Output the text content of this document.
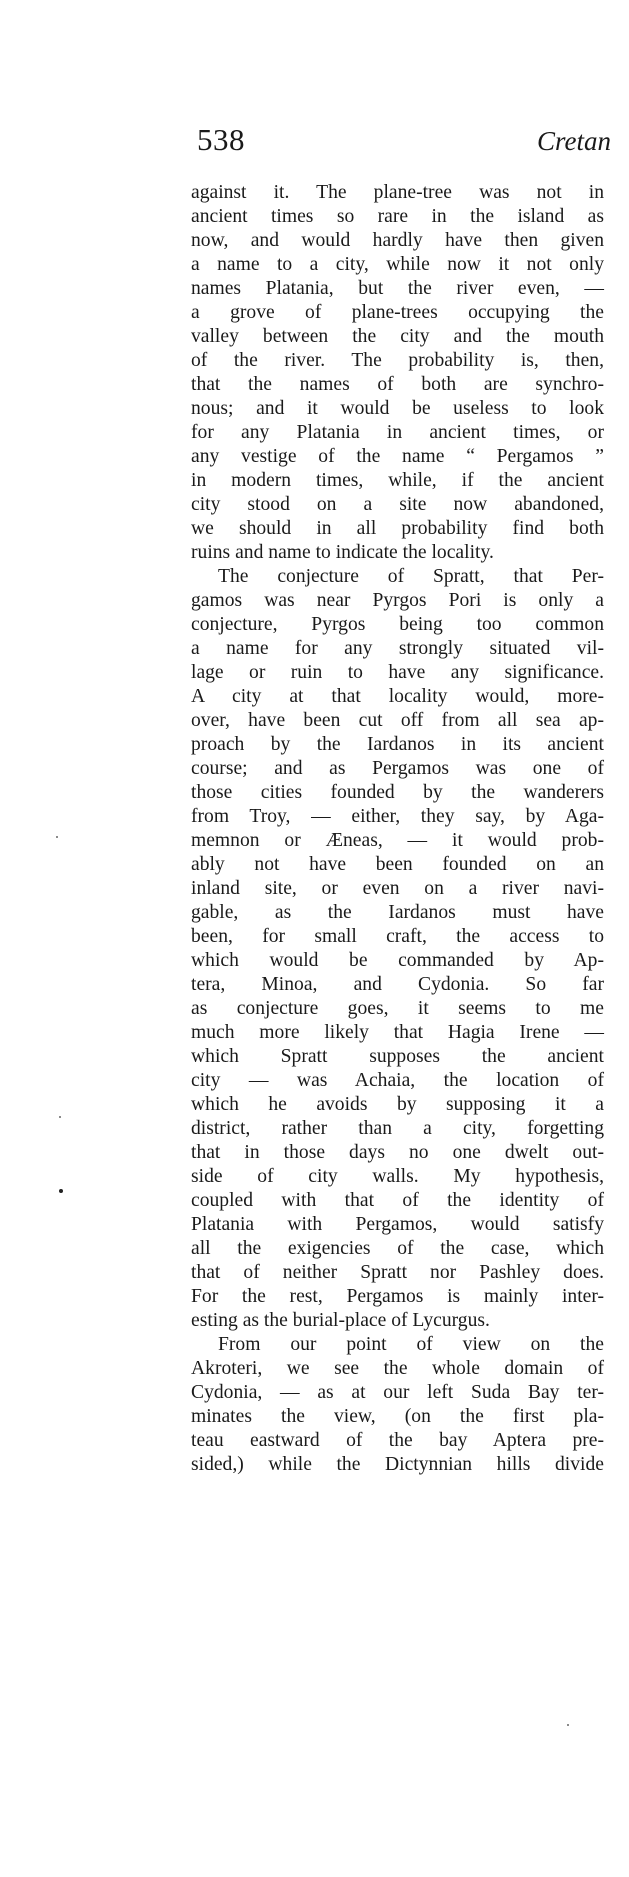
538	Cretan
against it. The plane-tree was not in
ancient times so rare in the island as
now, and would hardly have then given
a name to a city, while now it not only
names Platania, but the river even, —
a grove of plane-trees occupying the
valley between the city and the mouth
of the river. The probability is, then,
that the names of both are synchro-
nous; and it would be useless to look
for any Platania in ancient times, or
any vestige of the name “ Pergamos ”
in modern times, while, if the ancient
city stood on a site now abandoned,
we should in all probability find both
ruins and name to indicate the locality.
The conjecture of Spratt, that Per-
gamos was near Pyrgos Pori is only a
conjecture, Pyrgos being too common
a name for any strongly situated vil-
lage or ruin to have any significance.
A city at that locality would, more-
over, have been cut off from all sea ap-
proach by the Iardanos in its ancient
course; and as Pergamos was one of
those cities founded by the wanderers
from Troy, — either, they say, by Aga-
memnon or Æneas, — it would prob-
ably not have been founded on an
inland site, or even on a river navi-
gable, as the Iardanos must have
been, for small craft, the access to
which would be commanded by Ap-
tera, Minoa, and Cydonia. So far
as conjecture goes, it seems to me
much more likely that Hagia Irene —
which Spratt supposes the ancient
city — was Achaia, the location of
which he avoids by supposing it a
district, rather than a city, forgetting
that in those days no one dwelt out-
side of city walls. My hypothesis,
coupled with that of the identity of
Platania with Pergamos, would satisfy
all the exigencies of the case, which
that of neither Spratt nor Pashley does.
For the rest, Pergamos is mainly inter-
esting as the burial-place of Lycurgus.
From our point of view on the
Akroteri, we see the whole domain of
Cydonia, — as at our left Suda Bay ter-
minates the view, (on the first pla-
teau eastward of the bay Aptera pre-
sided,) while the Dictynnian hills divide
